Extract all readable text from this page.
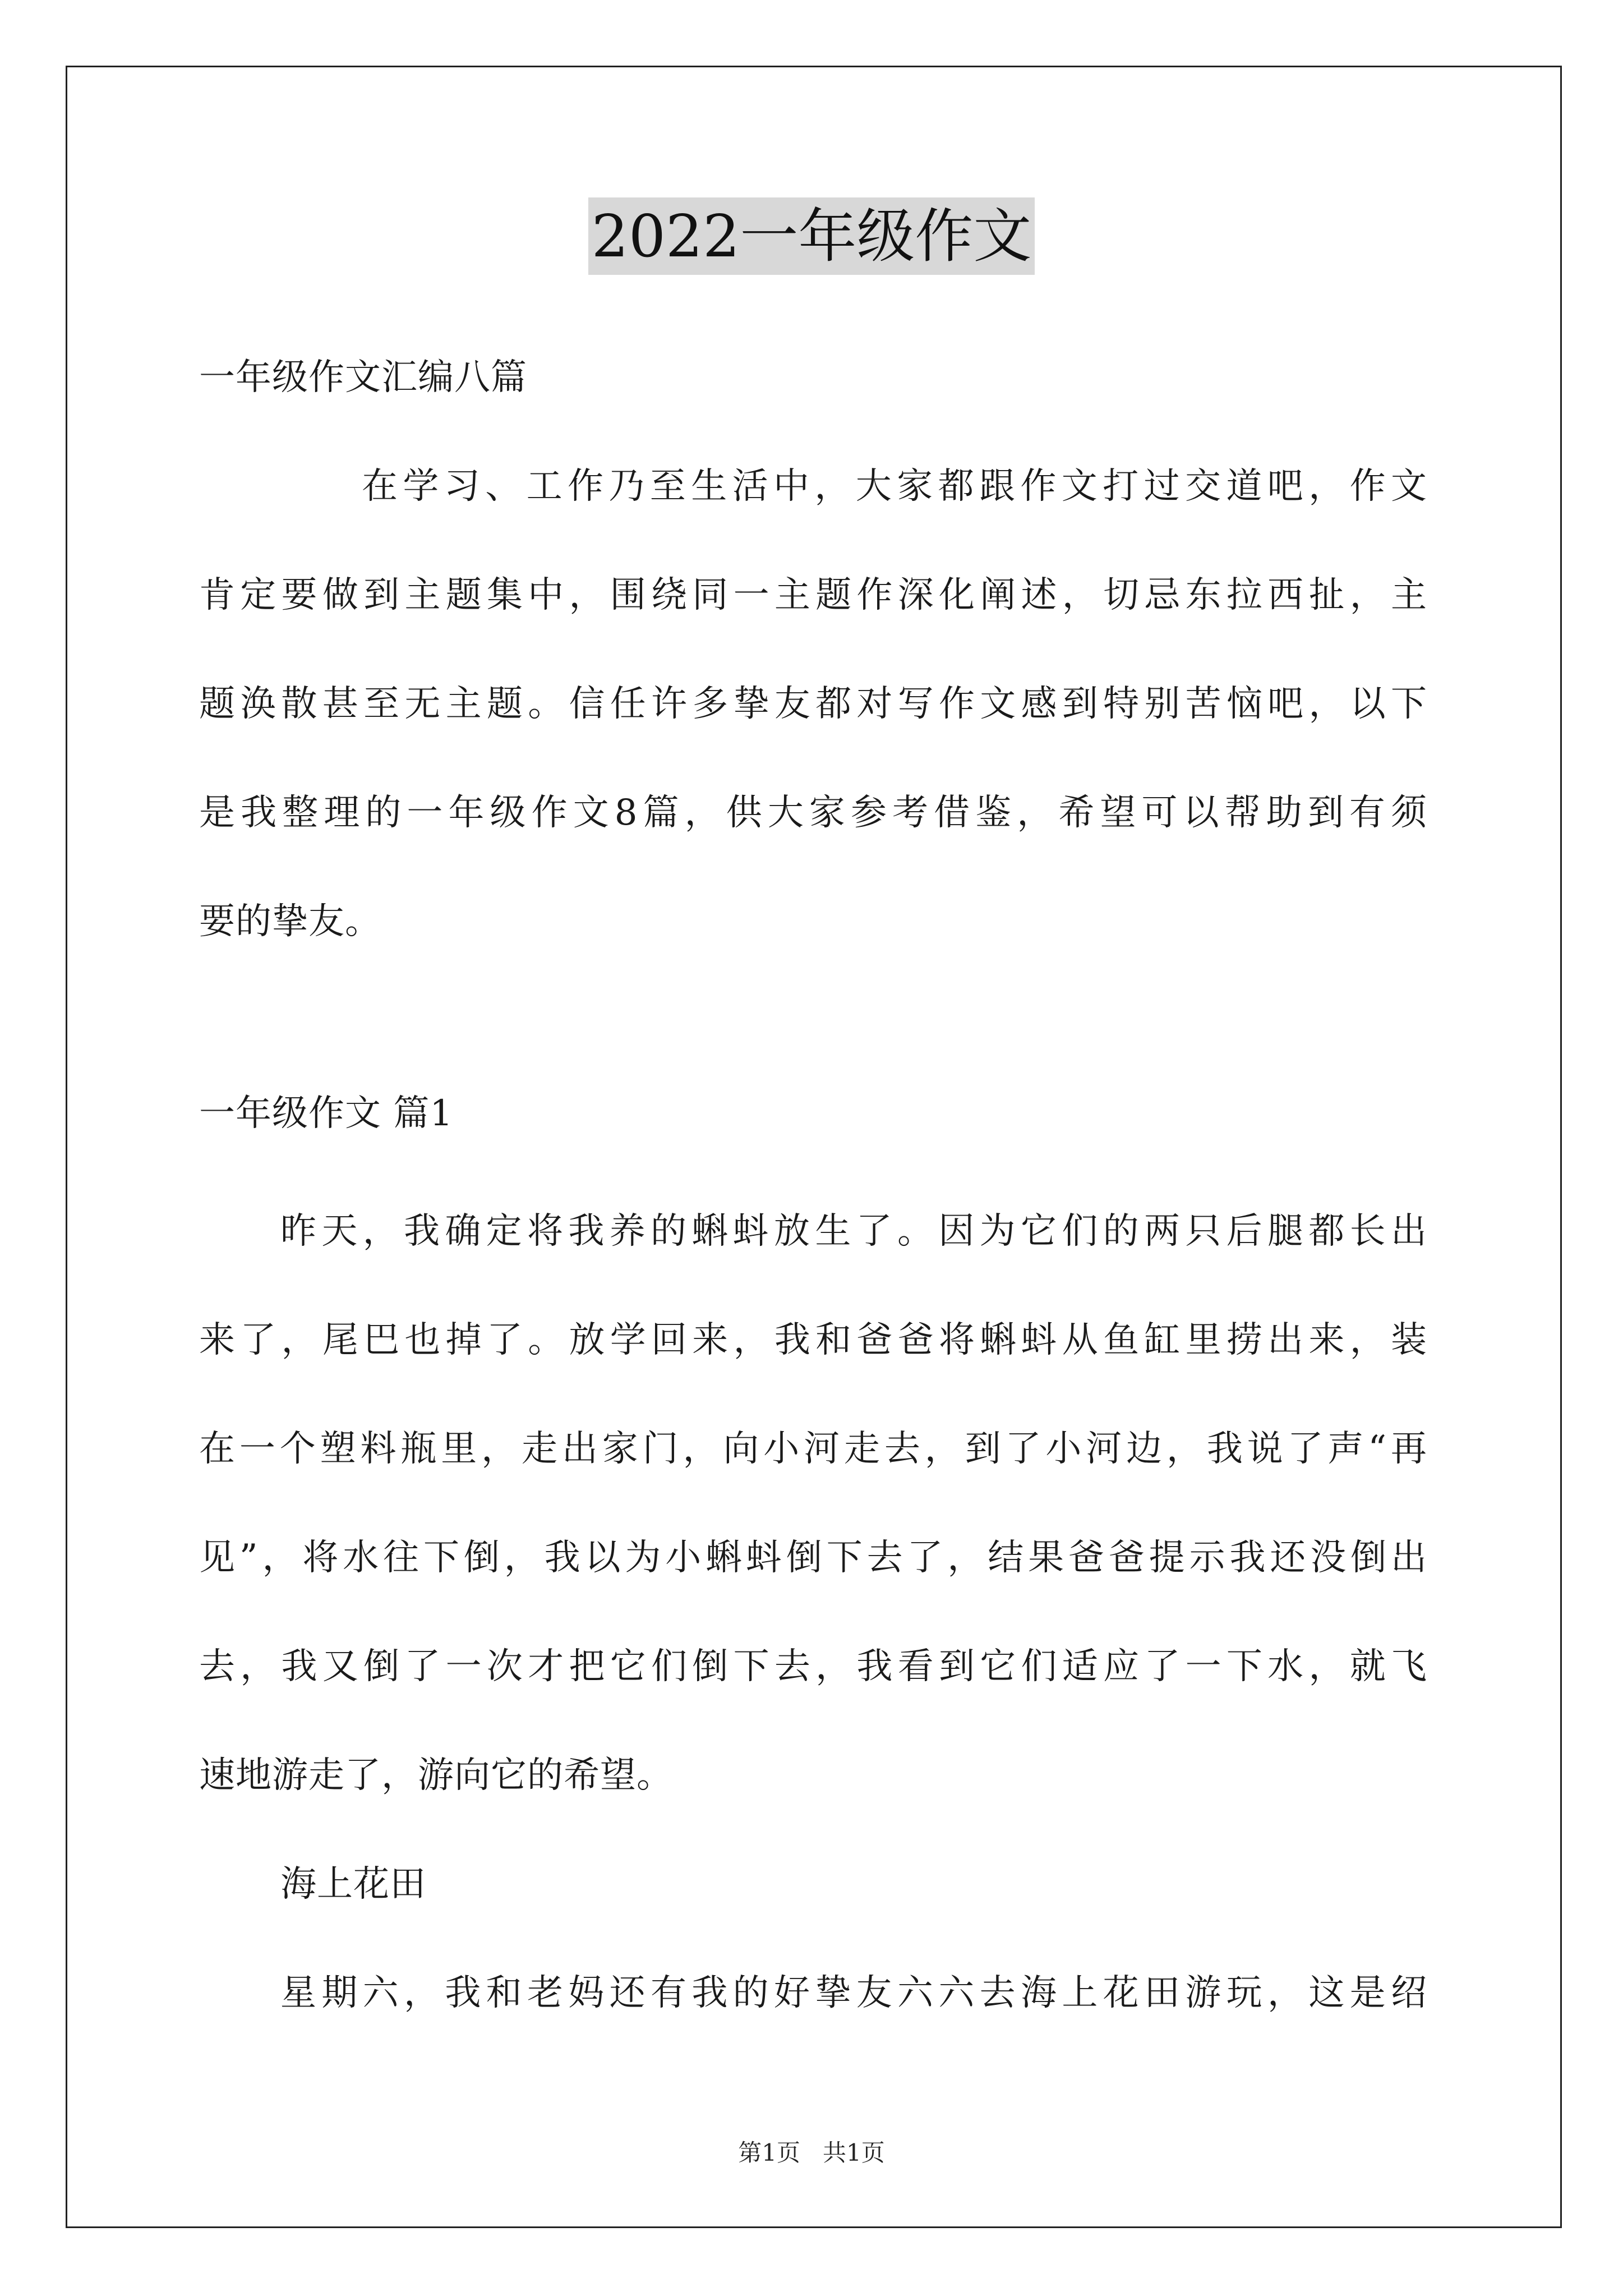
2022一年级作文
一年级作文汇编八篇
在学习、工作乃至生活中，大家都跟作文打过交道吧，作文
肯定要做到主题集中，围绕同一主题作深化阐述，切忌东拉西扯，主
题涣散甚至无主题。信任许多挚友都对写作文感到特别苦恼吧，以下
是我整理的一年级作文8篇，供大家参考借鉴，希望可以帮助到有须
要的挚友。
一年级作文 篇1
昨天，我确定将我养的蝌蚪放生了。因为它们的两只后腿都长出
来了，尾巴也掉了。放学回来，我和爸爸将蝌蚪从鱼缸里捞出来，装
在一个塑料瓶里，走出家门，向小河走去，到了小河边，我说了声“再
见”，将水往下倒，我以为小蝌蚪倒下去了，结果爸爸提示我还没倒出
去，我又倒了一次才把它们倒下去，我看到它们适应了一下水，就飞
速地游走了，游向它的希望。
海上花田
星期六，我和老妈还有我的好挚友六六去海上花田游玩，这是绍
第1页   共1页
